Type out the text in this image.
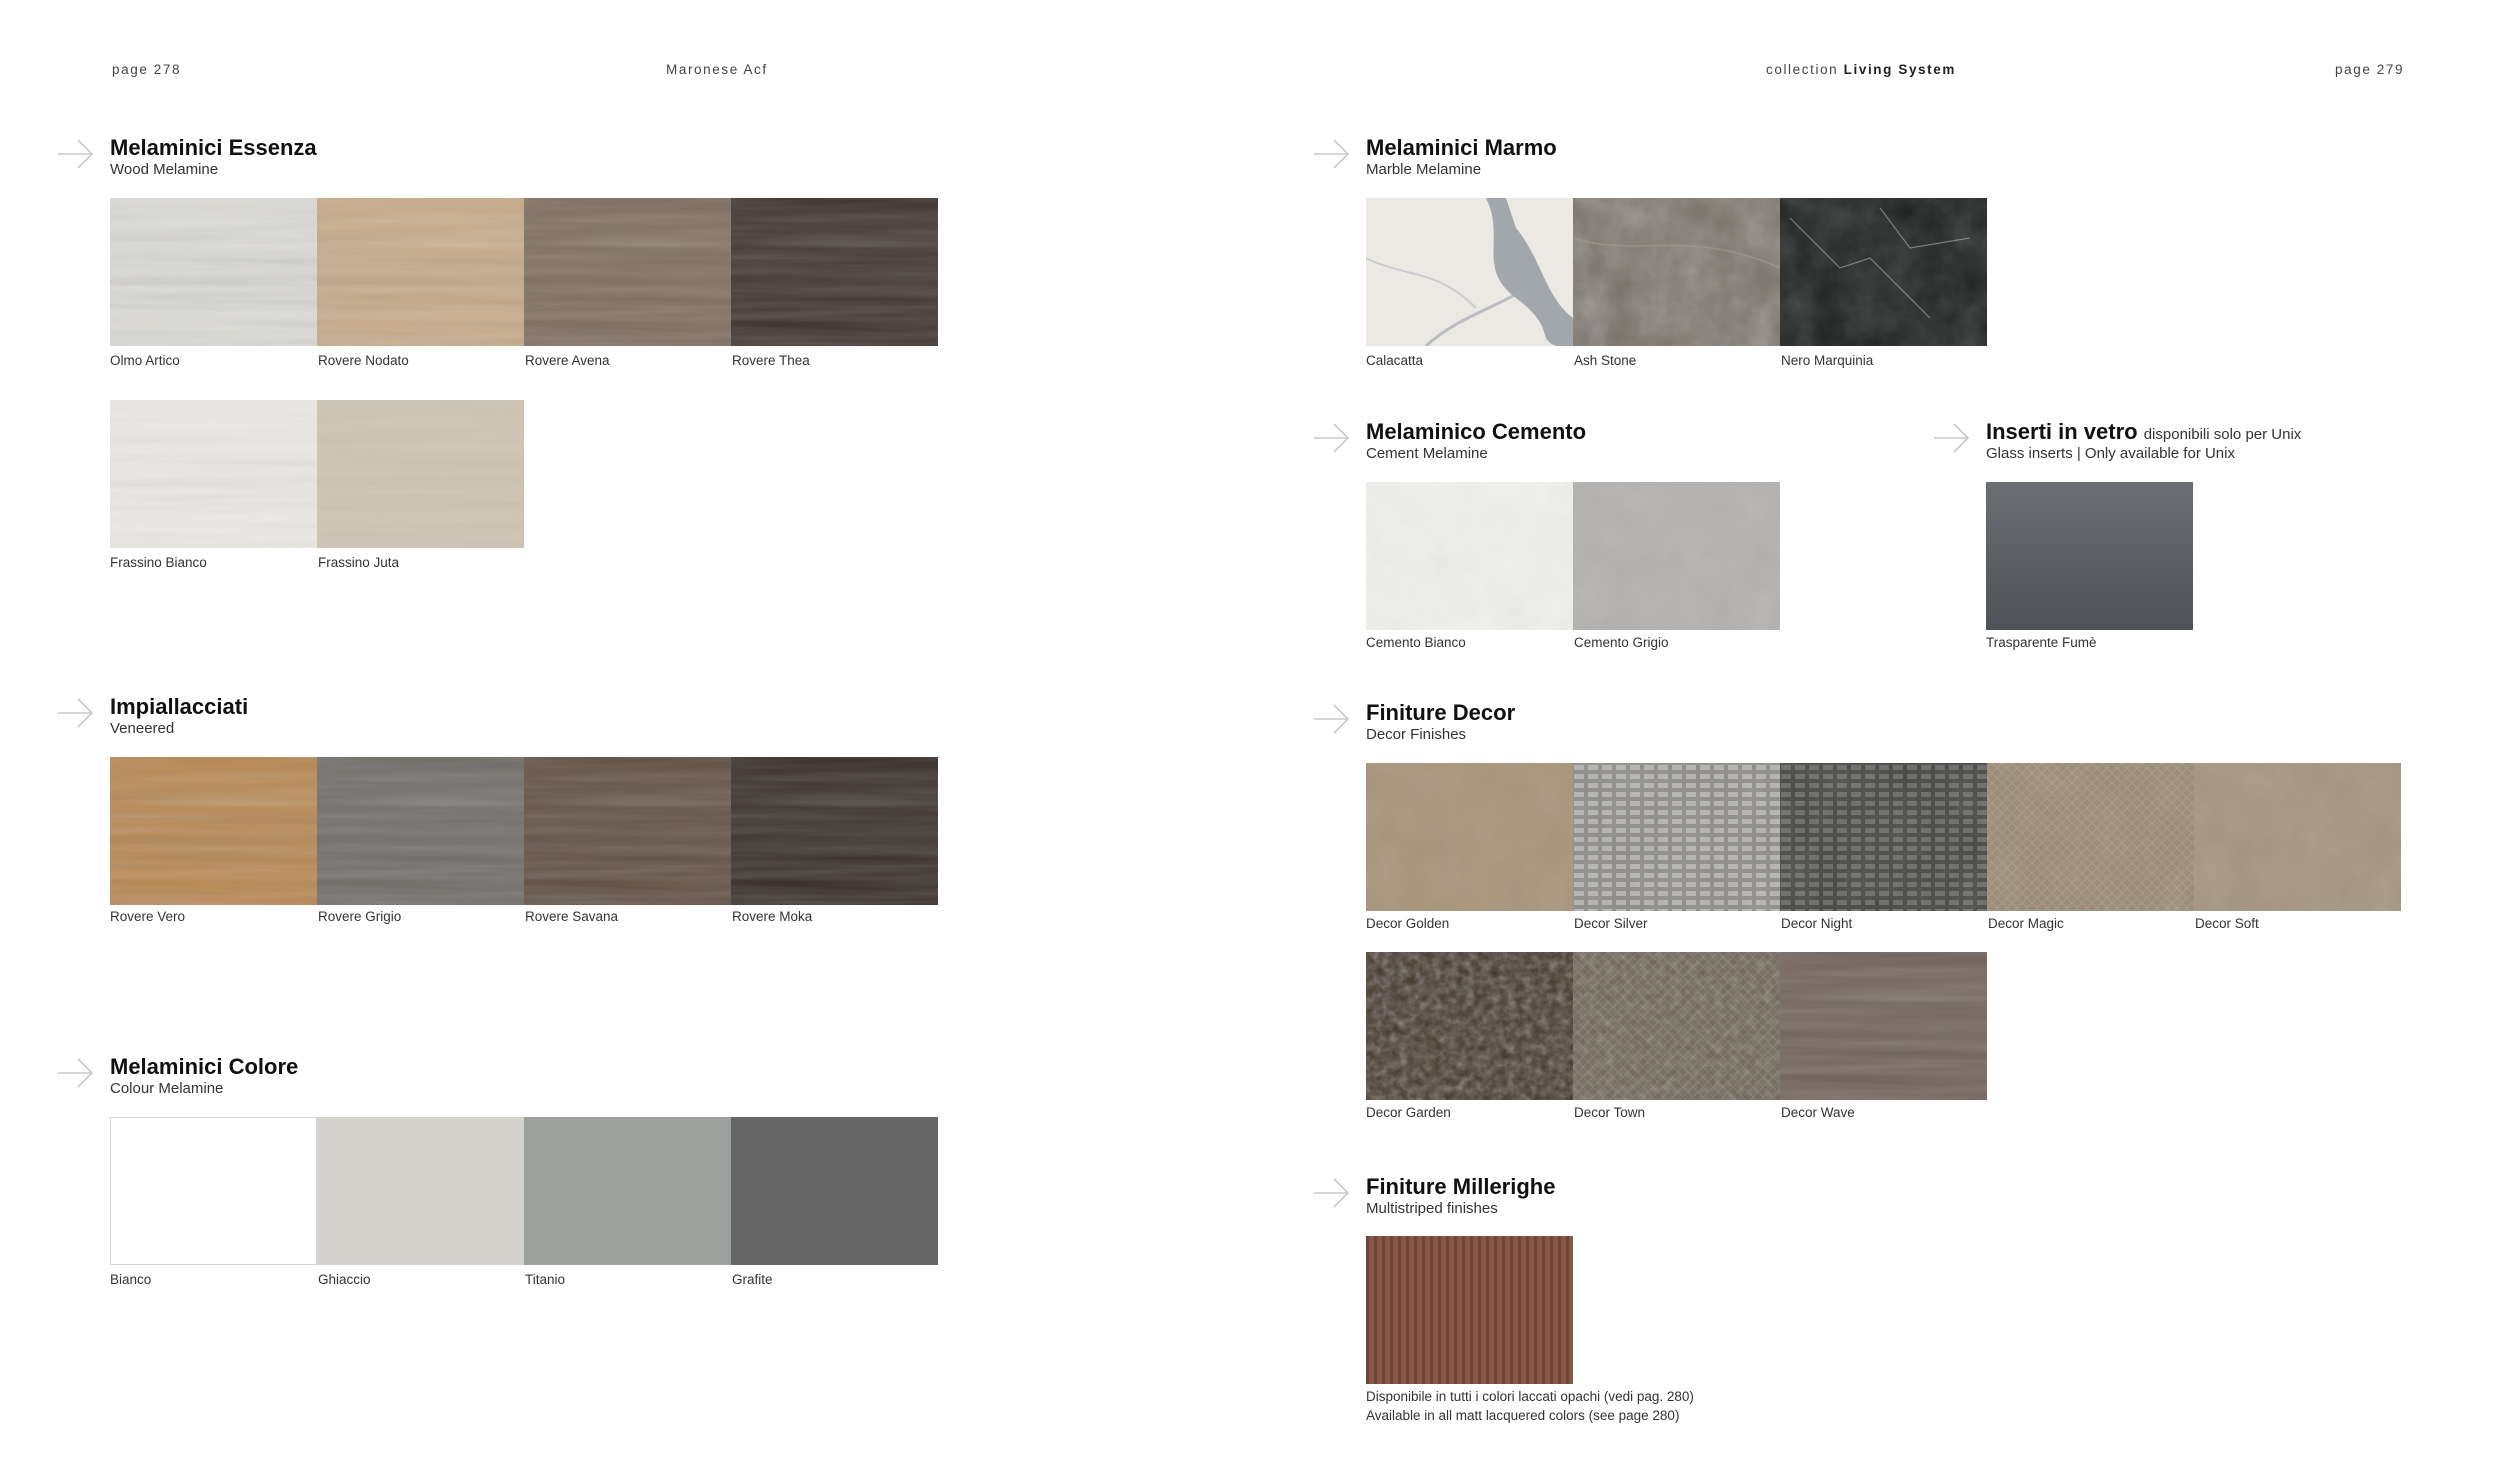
page 278	Maronese Acf	collection Living System	page 279
Melaminici Essenza
Wood Melamine
Olmo Artico	Rovere Nodato	Rovere Avena	Rovere Thea
Frassino Bianco	Frassino Juta
Impiallacciati
Veneered
Rovere Vero	Rovere Grigio	Rovere Savana	Rovere Moka
Melaminici Colore
Colour Melamine
Bianco	Ghiaccio	Titanio	Grafite
Melaminici Marmo
Marble Melamine
Calacatta	Ash Stone	Nero Marquinia
Melaminico Cemento
Cement Melamine
Cemento Bianco	Cemento Grigio
Inserti in vetro disponibili solo per Unix
Glass inserts | Only available for Unix
Trasparente Fumè
Finiture Decor
Decor Finishes
Decor Golden	Decor Silver	Decor Night	Decor Magic	Decor Soft
Decor Garden	Decor Town	Decor Wave
Finiture Millerighe
Multistriped finishes
Disponibile in tutti i colori laccati opachi (vedi pag. 280)
Available in all matt lacquered colors (see page 280)
